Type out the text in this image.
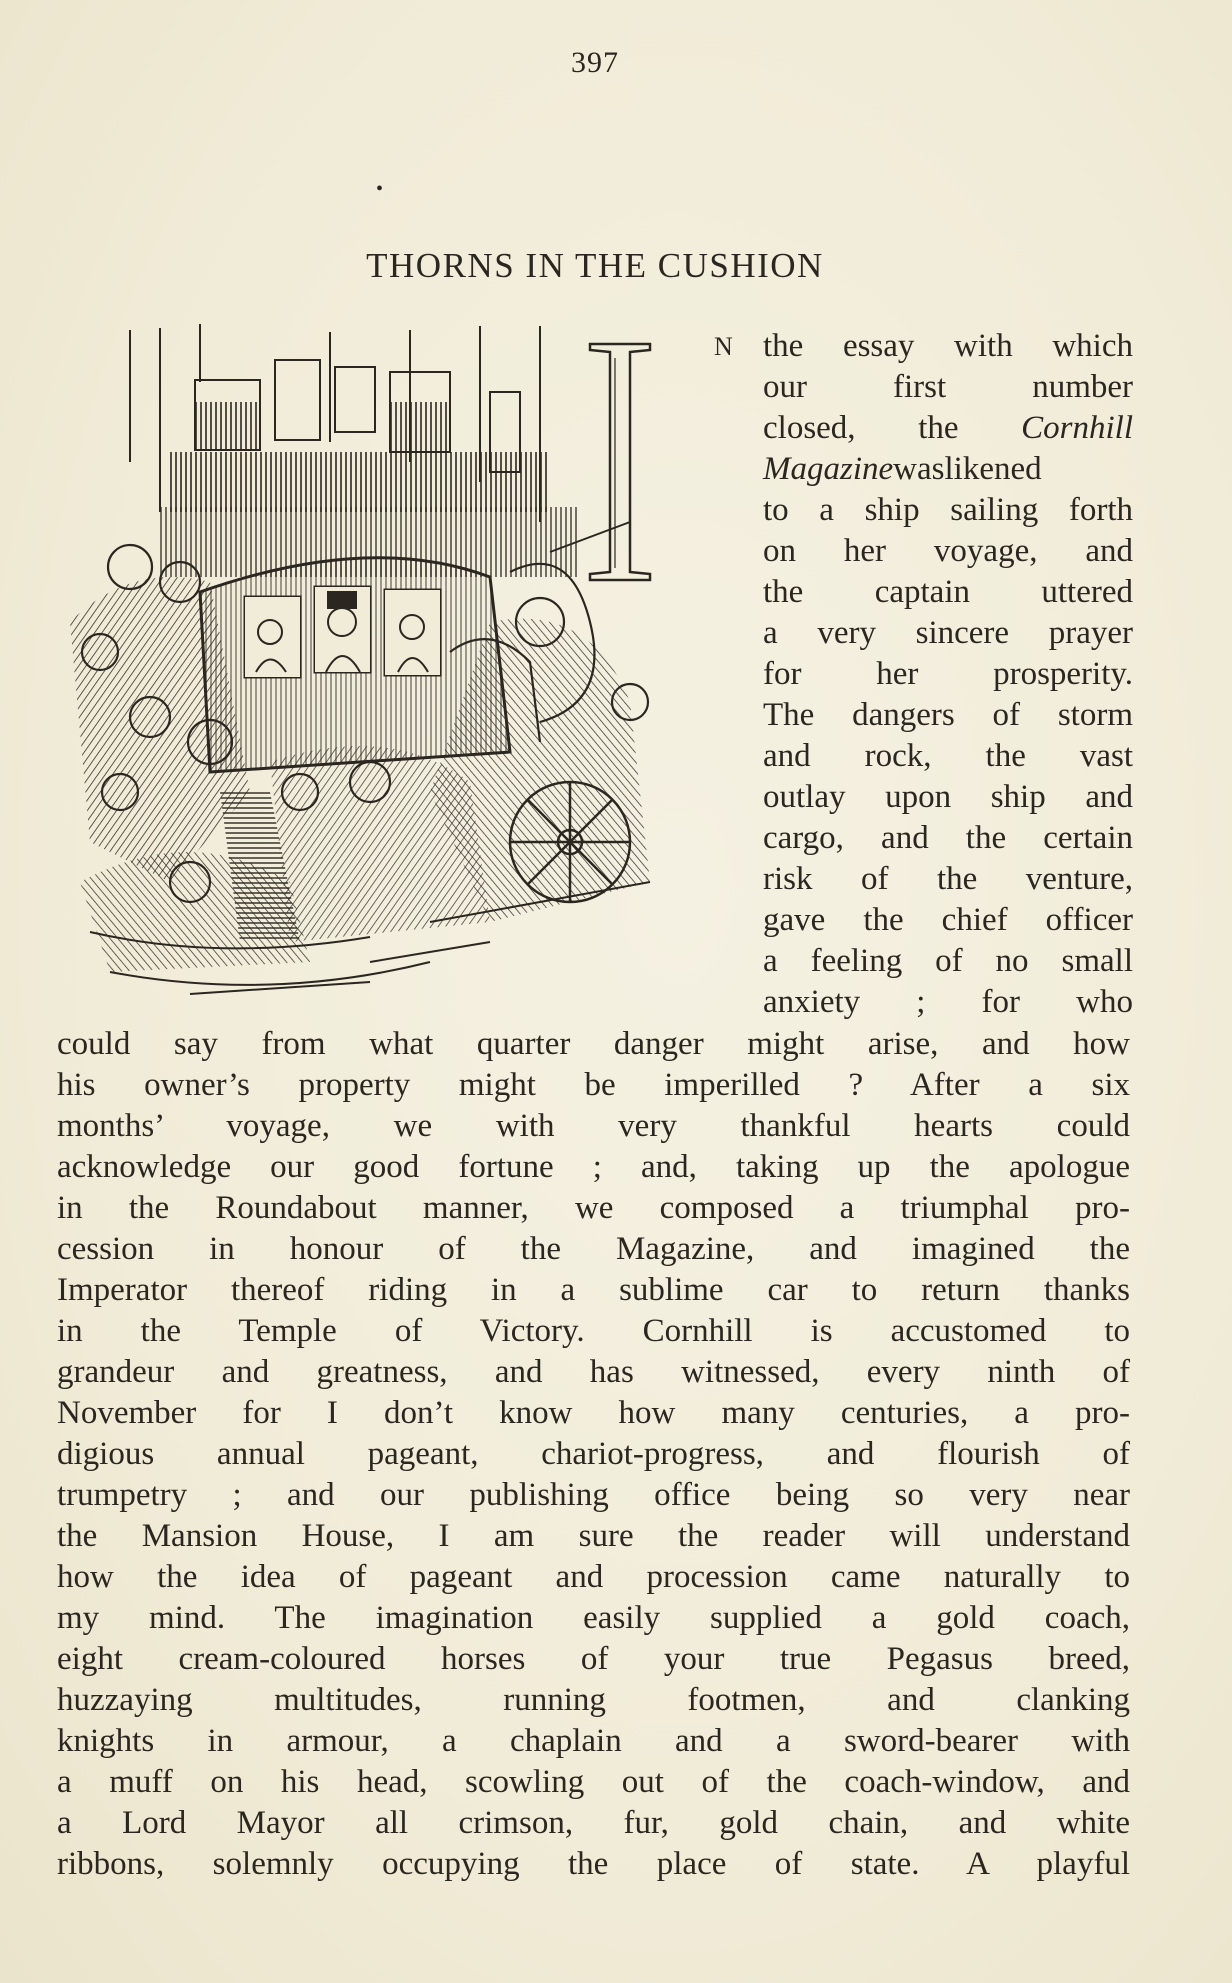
397
•
THORNS IN THE CUSHION
N the essay with which
our first number
closed, the Cornhill
Magazinewaslikened
to a ship sailing forth
on her voyage, and
the captain uttered
a very sincere prayer
for her prosperity.
The dangers of storm
and rock, the vast
outlay upon ship and
cargo, and the certain
risk of the venture,
gave the chief officer
a feeling of no small
anxiety ; for who
could say from what quarter danger might arise, and how
his owner’s property might be imperilled ? After a six
months’ voyage, we with very thankful hearts could
acknowledge our good fortune ; and, taking up the apologue
in the Roundabout manner, we composed a triumphal pro-
cession in honour of the Magazine, and imagined the
Imperator thereof riding in a sublime car to return thanks
in the Temple of Victory. Cornhill is accustomed to
grandeur and greatness, and has witnessed, every ninth of
November for I don’t know how many centuries, a pro-
digious annual pageant, chariot-progress, and flourish of
trumpetry ; and our publishing office being so very near
the Mansion House, I am sure the reader will understand
how the idea of pageant and procession came naturally to
my mind. The imagination easily supplied a gold coach,
eight cream-coloured horses of your true Pegasus breed,
huzzaying multitudes, running footmen, and clanking
knights in armour, a chaplain and a sword-bearer with
a muff on his head, scowling out of the coach-window, and
a Lord Mayor all crimson, fur, gold chain, and white
ribbons, solemnly occupying the place of state. A playful
